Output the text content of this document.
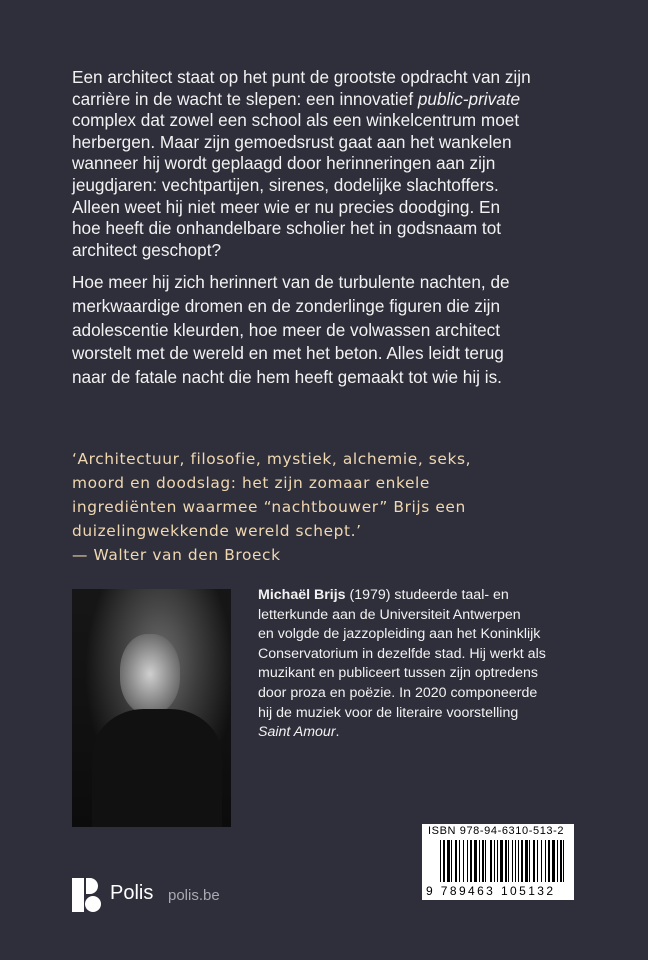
Een architect staat op het punt de grootste opdracht van zijn
carrière in de wacht te slepen: een innovatief public-private
complex dat zowel een school als een winkelcentrum moet
herbergen. Maar zijn gemoedsrust gaat aan het wankelen
wanneer hij wordt geplaagd door herinneringen aan zijn
jeugdjaren: vechtpartijen, sirenes, dodelijke slachtoffers.
Alleen weet hij niet meer wie er nu precies doodging. En
hoe heeft die onhandelbare scholier het in godsnaam tot
architect geschopt?
Hoe meer hij zich herinnert van de turbulente nachten, de
merkwaardige dromen en de zonderlinge figuren die zijn
adolescentie kleurden, hoe meer de volwassen architect
worstelt met de wereld en met het beton. Alles leidt terug
naar de fatale nacht die hem heeft gemaakt tot wie hij is.
‘Architectuur, filosofie, mystiek, alchemie, seks,
moord en doodslag: het zijn zomaar enkele
ingrediënten waarmee “nachtbouwer” Brijs een
duizelingwekkende wereld schept.’
— Walter van den Broeck
Michaël Brijs (1979) studeerde taal- en
letterkunde aan de Universiteit Antwerpen
en volgde de jazzopleiding aan het Koninklijk
Conservatorium in dezelfde stad. Hij werkt als
muzikant en publiceert tussen zijn optredens
door proza en poëzie. In 2020 componeerde
hij de muziek voor de literaire voorstelling
Saint Amour.
ISBN 978-94-6310-513-2
9 789463 105132
Polis polis.be
